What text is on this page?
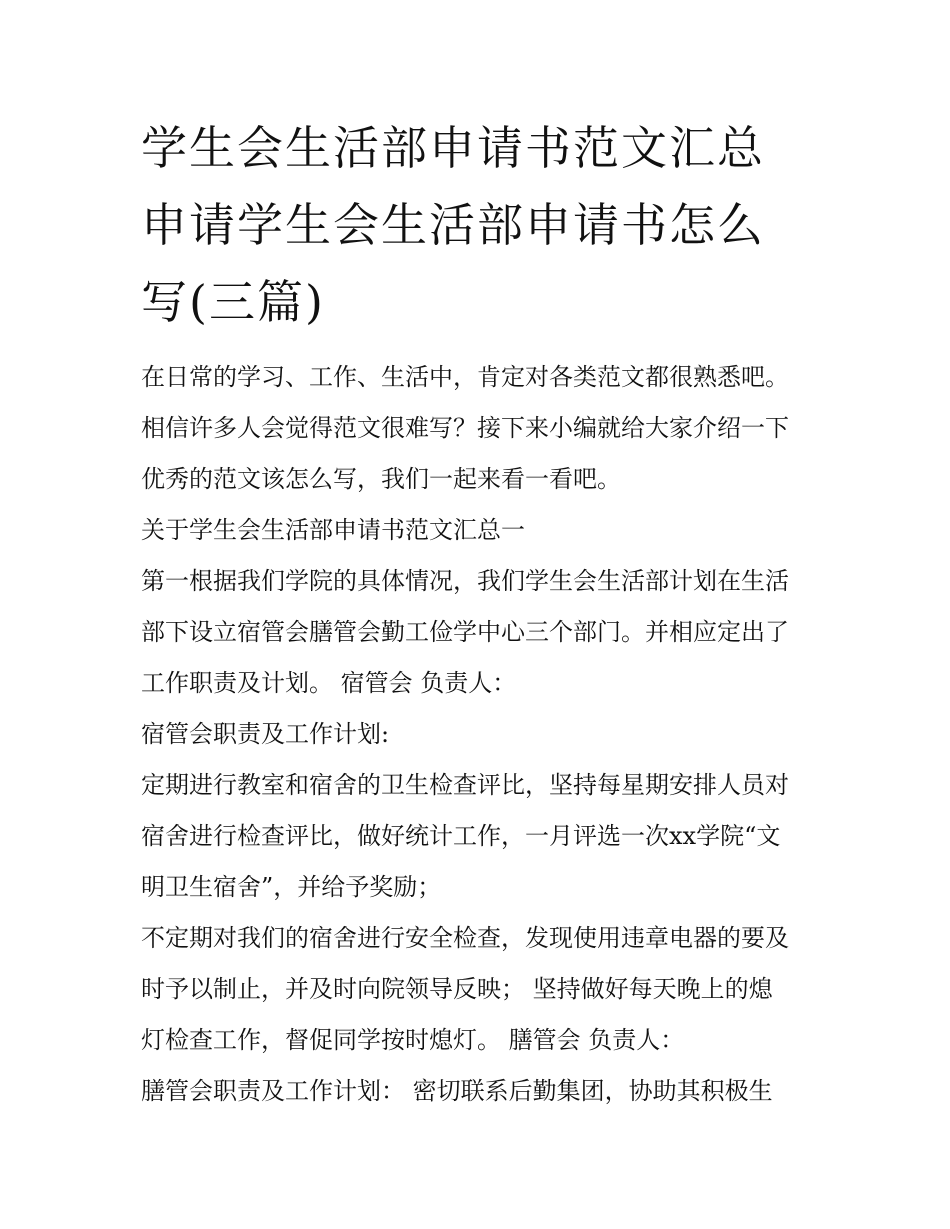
学生会生活部申请书范文汇总
申请学生会生活部申请书怎么
写(三篇)

在日常的学习、工作、生活中，肯定对各类范文都很熟悉吧。

相信许多人会觉得范文很难写？接下来小编就给大家介绍一下

优秀的范文该怎么写，我们一起来看一看吧。

关于学生会生活部申请书范文汇总一

第一根据我们学院的具体情况，我们学生会生活部计划在生活

部下设立宿管会膳管会勤工俭学中心三个部门。并相应定出了

工作职责及计划。 宿管会 负责人：

宿管会职责及工作计划:

定期进行教室和宿舍的卫生检查评比，坚持每星期安排人员对

宿舍进行检查评比，做好统计工作，一月评选一次xx学院“文

明卫生宿舍”，并给予奖励；

不定期对我们的宿舍进行安全检查，发现使用违章电器的要及

时予以制止，并及时向院领导反映； 坚持做好每天晚上的熄

灯检查工作，督促同学按时熄灯。 膳管会 负责人：

膳管会职责及工作计划： 密切联系后勤集团，协助其积极生
